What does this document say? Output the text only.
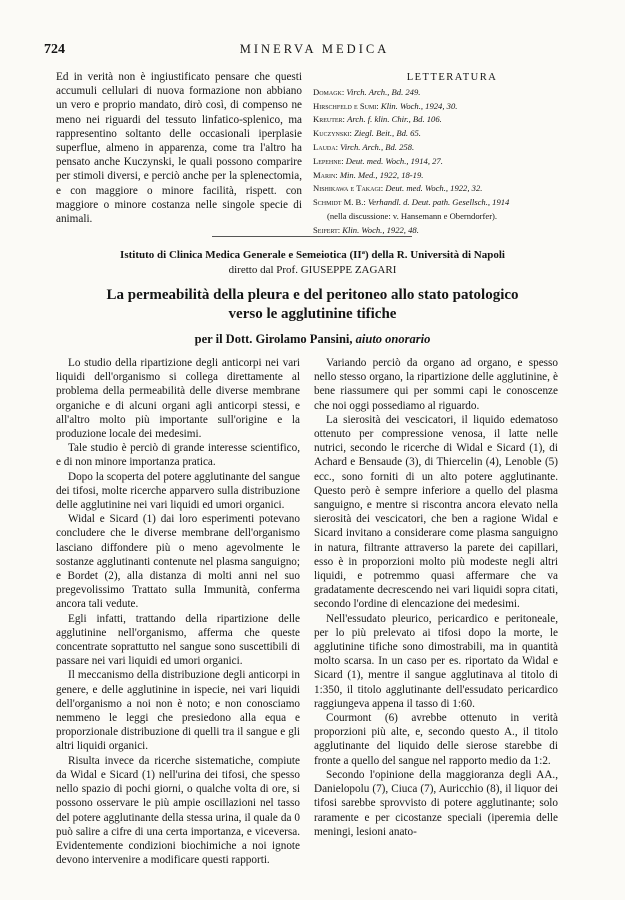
724	MINERVA MEDICA

Ed in verità non è ingiustificato pensare che questi accumuli cellulari di nuova formazione non abbiano un vero e proprio mandato, dirò così, di compenso ne meno nei riguardi del tessuto linfatico-splenico, ma rappresentino soltanto delle occasionali iperplasie superflue, almeno in apparenza, come tra l'altro ha pensato anche Kuczynski, le quali possono comparire per stimoli diversi, e perciò anche per la splenectomia, e con maggiore o minore facilità, rispett. con maggiore o minore costanza nelle singole specie di animali.

LETTERATURA
Domagk: Virch. Arch., Bd. 249.
Hirschfeld e Sumi: Klin. Woch., 1924, 30.
Kreuter: Arch. f. klin. Chir., Bd. 106.
Kuczynski: Ziegl. Beit., Bd. 65.
Lauda: Virch. Arch., Bd. 258.
Lepehne: Deut. med. Woch., 1914, 27.
Marin: Min. Med., 1922, 18-19.
Nishikawa e Takagi: Deut. med. Woch., 1922, 32.
Schmidt M. B.: Verhandl. d. Deut. path. Gesellsch., 1914
(nella discussione: v. Hansemann e Oberndorfer).
Seifert: Klin. Woch., 1922, 48.
Istituto di Clinica Medica Generale e Semeiotica (IIª) della R. Università di Napoli
diretto dal Prof. GIUSEPPE ZAGARI
La permeabilità della pleura e del peritoneo allo stato patologico
verso le agglutinine tifiche
per il Dott. Girolamo Pansini, aiuto onorario

Lo studio della ripartizione degli anticorpi nei vari liquidi dell'organismo si collega direttamente al problema della permeabilità delle diverse membrane organiche e di alcuni organi agli anticorpi stessi, e all'altro molto più importante sull'origine e la produzione locale dei medesimi.

Tale studio è perciò di grande interesse scientifico, e di non minore importanza pratica.

Dopo la scoperta del potere agglutinante del sangue dei tifosi, molte ricerche apparvero sulla distribuzione delle agglutinine nei vari liquidi ed umori organici.

Widal e Sicard (1) dai loro esperimenti potevano concludere che le diverse membrane dell'organismo lasciano diffondere più o meno agevolmente le sostanze agglutinanti contenute nel plasma sanguigno; e Bordet (2), alla distanza di molti anni nel suo pregevolissimo Trattato sulla Immunità, conferma ancora tali vedute.

Egli infatti, trattando della ripartizione delle agglutinine nell'organismo, afferma che queste concentrate soprattutto nel sangue sono suscettibili di passare nei vari liquidi ed umori organici.

Il meccanismo della distribuzione degli anticorpi in genere, e delle agglutinine in ispecie, nei vari liquidi dell'organismo a noi non è noto; e non conosciamo nemmeno le leggi che presiedono alla equa e proporzionale distribuzione di quelli tra il sangue e gli altri liquidi organici.

Risulta invece da ricerche sistematiche, compiute da Widal e Sicard (1) nell'urina dei tifosi, che spesso nello spazio di pochi giorni, o qualche volta di ore, si possono osservare le più ampie oscillazioni nel tasso del potere agglutinante della stessa urina, il quale da 0 può salire a cifre di una certa importanza, e viceversa. Evidentemente condizioni biochimiche a noi ignote devono intervenire a modificare questi rapporti.

Variando perciò da organo ad organo, e spesso nello stesso organo, la ripartizione delle agglutinine, è bene riassumere qui per sommi capi le conoscenze che noi oggi possediamo al riguardo.

La sierosità dei vescicatori, il liquido edematoso ottenuto per compressione venosa, il latte nelle nutrici, secondo le ricerche di Widal e Sicard (1), di Achard e Bensaude (3), di Thiercelin (4), Lenoble (5) ecc., sono forniti di un alto potere agglutinante. Questo però è sempre inferiore a quello del plasma sanguigno, e mentre si riscontra ancora elevato nella sierosità dei vescicatori, che ben a ragione Widal e Sicard invitano a considerare come plasma sanguigno in natura, filtrante attraverso la parete dei capillari, esso è in proporzioni molto più modeste negli altri liquidi, e potremmo quasi affermare che va gradatamente decrescendo nei vari liquidi sopra citati, secondo l'ordine di elencazione dei medesimi.

Nell'essudato pleurico, pericardico e peritoneale, per lo più prelevato ai tifosi dopo la morte, le agglutinine tifiche sono dimostrabili, ma in quantità molto scarsa. In un caso per es. riportato da Widal e Sicard (1), mentre il sangue agglutinava al titolo di 1:350, il titolo agglutinante dell'essudato pericardico raggiungeva appena il tasso di 1:60.

Courmont (6) avrebbe ottenuto in verità proporzioni più alte, e, secondo questo A., il titolo agglutinante del liquido delle sierose starebbe di fronte a quello del sangue nel rapporto medio da 1:2.

Secondo l'opinione della maggioranza degli AA., Danielopolu (7), Ciuca (7), Auricchio (8), il liquor dei tifosi sarebbe sprovvisto di potere agglutinante; solo raramente e per cicostanze speciali (iperemia delle meningi, lesioni anato-
